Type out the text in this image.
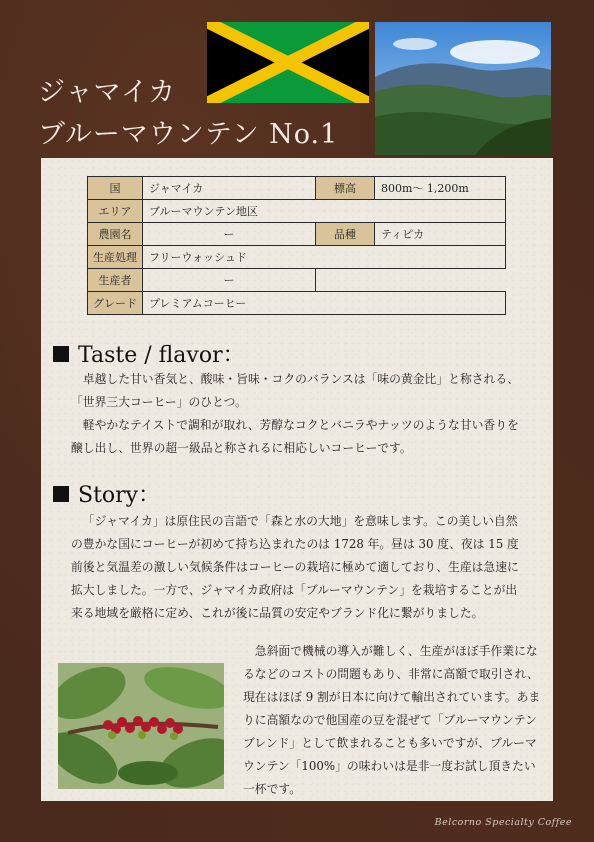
ジャマイカ
ブルーマウンテン No.1
国	ジャマイカ	標高	800m～ 1,200m
エリア	ブルーマウンテン地区		
農園名	ー	品種	ティピカ
生産処理	フリーウォッシュド		
生産者	ー		
グレード	プレミアムコーヒー		
Taste / flavor：

卓越した甘い香気と、酸味・旨味・コクのバランスは「味の黄金比」と称される、「世界三大コーヒー」のひとつ。

軽やかなテイストで調和が取れ、芳醇なコクとバニラやナッツのような甘い香りを醸し出し、世界の超一級品と称されるに相応しいコーヒーです。

Story：

「ジャマイカ」は原住民の言語で「森と水の大地」を意味します。この美しい自然の豊かな国にコーヒーが初めて持ち込まれたのは 1728 年。昼は 30 度、夜は 15 度前後と気温差の激しい気候条件はコーヒーの栽培に極めて適しており、生産は急速に拡大しました。一方で、ジャマイカ政府は「ブルーマウンテン」を栽培することが出来る地域を厳格に定め、これが後に品質の安定やブランド化に繋がりました。

急斜面で機械の導入が難しく、生産がほぼ手作業になるなどのコストの問題もあり、非常に高額で取引され、現在はほぼ 9 割が日本に向けて輸出されています。あまりに高額なので他国産の豆を混ぜて「ブルーマウンテンブレンド」として飲まれることも多いですが、ブルーマウンテン「100%」の味わいは是非一度お試し頂きたい一杯です。

Belcorno Specialty Coffee
